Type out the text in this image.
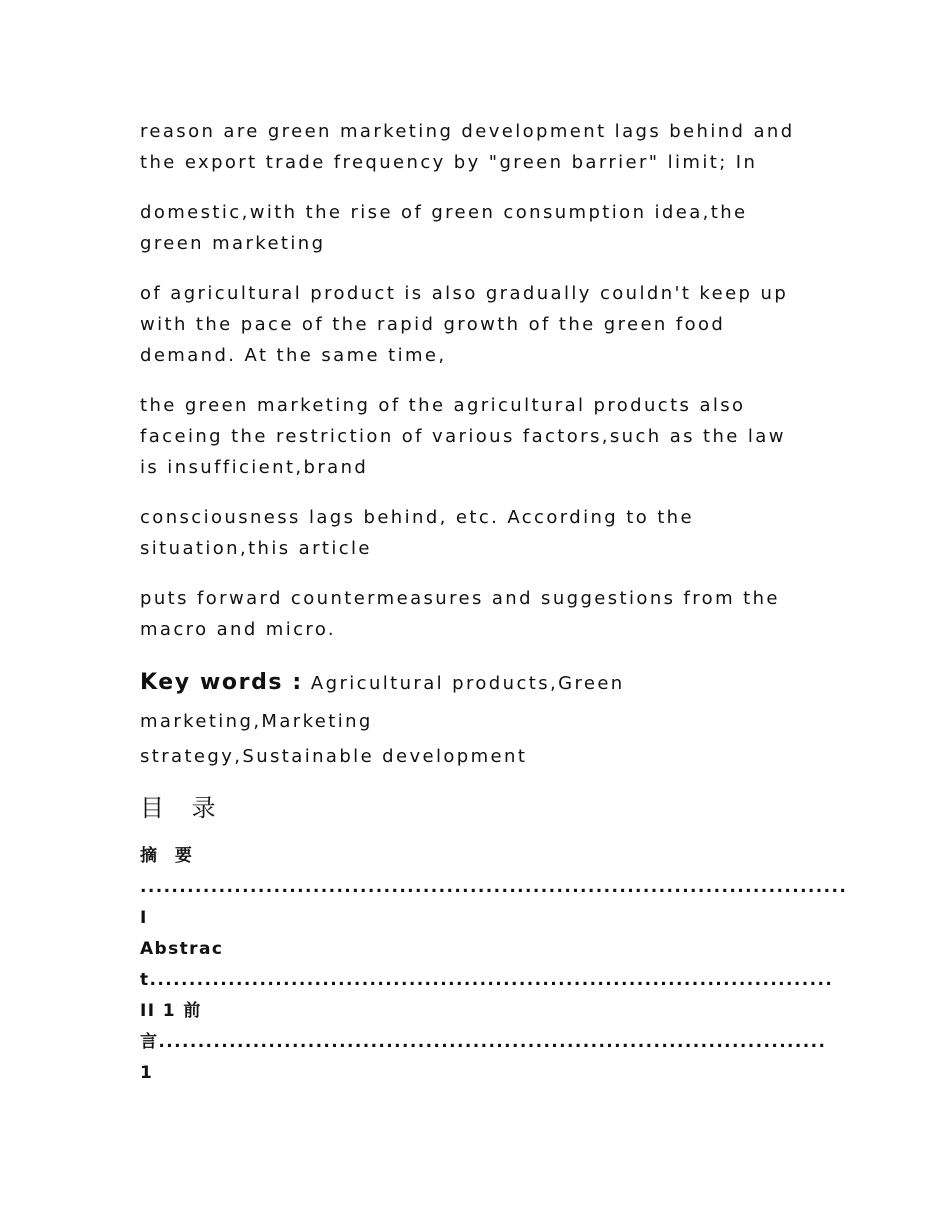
reason are green marketing development lags behind and the export trade frequency by "green barrier" limit; In

domestic,with the rise of green consumption idea,the green marketing

of agricultural product is also gradually couldn't keep up with the pace of the rapid growth of the green food demand. At the same time,

the green marketing of the agricultural products also faceing the restriction of various factors,such as the law is insufficient,brand

consciousness lags behind, etc. According to the situation,this article

puts forward countermeasures and suggestions from the macro and micro.

Key words : Agricultural products,Green marketing,Marketing

strategy,Sustainable development

目 录
摘 要
.......................................................................................... I
Abstract....................................................................................... II 1 前言..................................................................................... 1
